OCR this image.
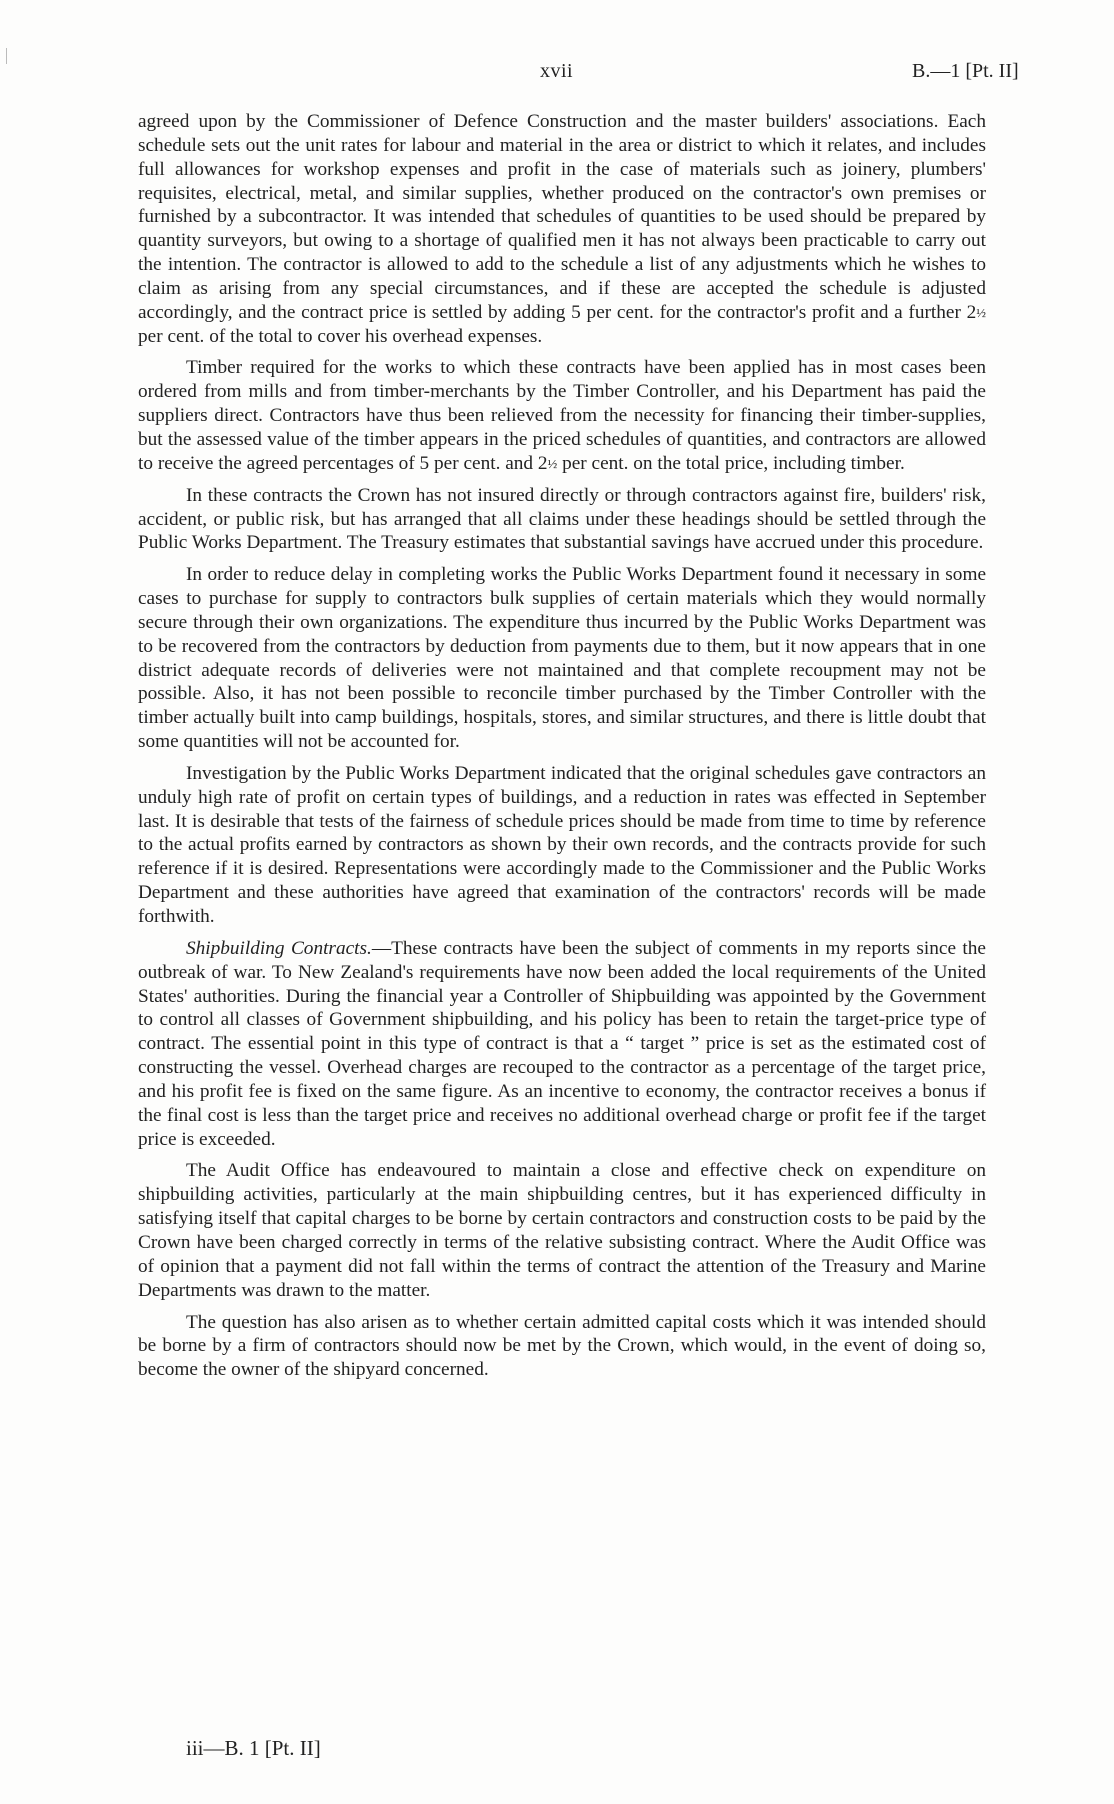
xvii	B.—1 [Pt. II]

agreed upon by the Commissioner of Defence Construction and the master builders' associations. Each schedule sets out the unit rates for labour and material in the area or district to which it relates, and includes full allowances for workshop expenses and profit in the case of materials such as joinery, plumbers' requisites, electrical, metal, and similar supplies, whether produced on the contractor's own premises or furnished by a subcontractor. It was intended that schedules of quantities to be used should be prepared by quantity surveyors, but owing to a shortage of qualified men it has not always been practicable to carry out the intention. The contractor is allowed to add to the schedule a list of any adjustments which he wishes to claim as arising from any special circumstances, and if these are accepted the schedule is adjusted accordingly, and the contract price is settled by adding 5 per cent. for the contractor's profit and a further 2½ per cent. of the total to cover his overhead expenses.

Timber required for the works to which these contracts have been applied has in most cases been ordered from mills and from timber-merchants by the Timber Controller, and his Department has paid the suppliers direct. Contractors have thus been relieved from the necessity for financing their timber-supplies, but the assessed value of the timber appears in the priced schedules of quantities, and contractors are allowed to receive the agreed percentages of 5 per cent. and 2½ per cent. on the total price, including timber.

In these contracts the Crown has not insured directly or through contractors against fire, builders' risk, accident, or public risk, but has arranged that all claims under these headings should be settled through the Public Works Department. The Treasury estimates that substantial savings have accrued under this procedure.

In order to reduce delay in completing works the Public Works Department found it necessary in some cases to purchase for supply to contractors bulk supplies of certain materials which they would normally secure through their own organizations. The expenditure thus incurred by the Public Works Department was to be recovered from the contractors by deduction from payments due to them, but it now appears that in one district adequate records of deliveries were not maintained and that complete recoupment may not be possible. Also, it has not been possible to reconcile timber purchased by the Timber Controller with the timber actually built into camp buildings, hospitals, stores, and similar structures, and there is little doubt that some quantities will not be accounted for.

Investigation by the Public Works Department indicated that the original schedules gave contractors an unduly high rate of profit on certain types of buildings, and a reduction in rates was effected in September last. It is desirable that tests of the fairness of schedule prices should be made from time to time by reference to the actual profits earned by contractors as shown by their own records, and the contracts provide for such reference if it is desired. Representations were accordingly made to the Commissioner and the Public Works Department and these authorities have agreed that examination of the contractors' records will be made forthwith.

Shipbuilding Contracts.—These contracts have been the subject of comments in my reports since the outbreak of war. To New Zealand's requirements have now been added the local requirements of the United States' authorities. During the financial year a Controller of Shipbuilding was appointed by the Government to control all classes of Government shipbuilding, and his policy has been to retain the target-price type of contract. The essential point in this type of contract is that a “ target ” price is set as the estimated cost of constructing the vessel. Overhead charges are recouped to the contractor as a percentage of the target price, and his profit fee is fixed on the same figure. As an incentive to economy, the contractor receives a bonus if the final cost is less than the target price and receives no additional overhead charge or profit fee if the target price is exceeded.

The Audit Office has endeavoured to maintain a close and effective check on expenditure on shipbuilding activities, particularly at the main shipbuilding centres, but it has experienced difficulty in satisfying itself that capital charges to be borne by certain contractors and construction costs to be paid by the Crown have been charged correctly in terms of the relative subsisting contract. Where the Audit Office was of opinion that a payment did not fall within the terms of contract the attention of the Treasury and Marine Departments was drawn to the matter.

The question has also arisen as to whether certain admitted capital costs which it was intended should be borne by a firm of contractors should now be met by the Crown, which would, in the event of doing so, become the owner of the shipyard concerned.

iii—B. 1 [Pt. II]
